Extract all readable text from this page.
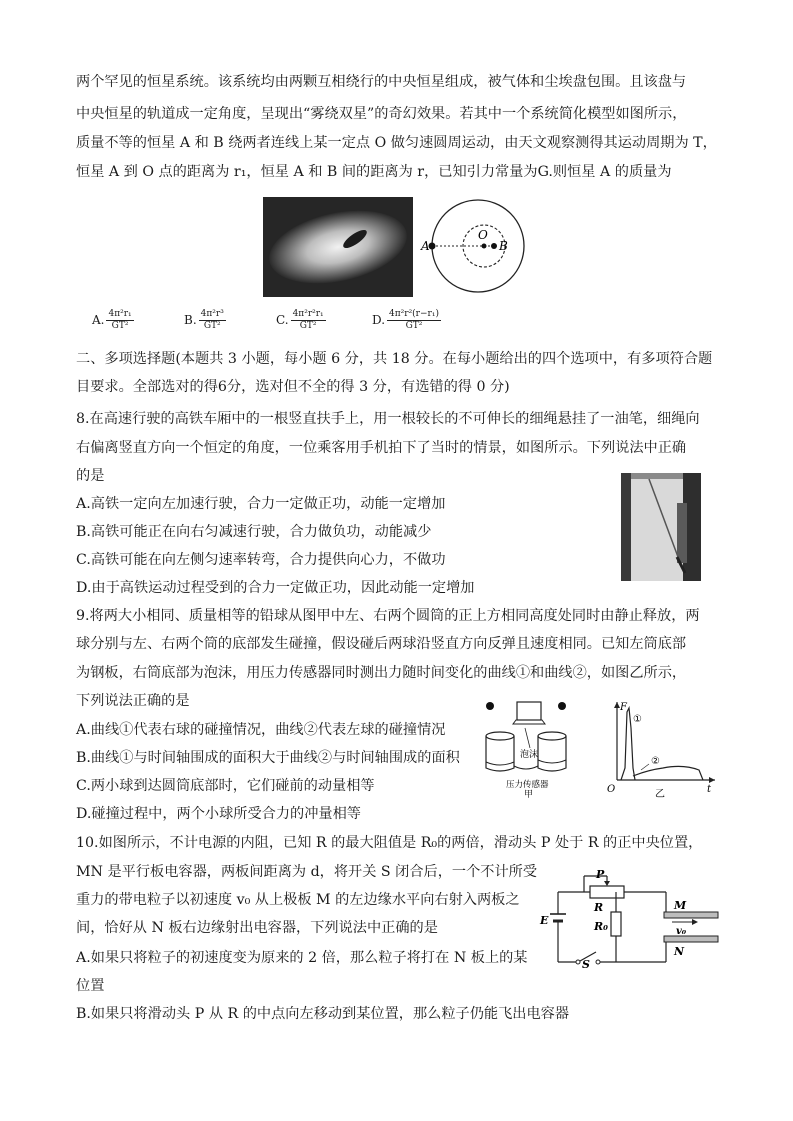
两个罕见的恒星系统。该系统均由两颗互相绕行的中央恒星组成，被气体和尘埃盘包围。且该盘与
中央恒星的轨道成一定角度，呈现出“雾绕双星”的奇幻效果。若其中一个系统简化模型如图所示，
质量不等的恒星 A 和 B 绕两者连线上某一定点 O 做匀速圆周运动，由天文观察测得其运动周期为 T，
恒星 A 到 O 点的距离为 r₁，恒星 A 和 B 间的距离为 r，已知引力常量为G.则恒星 A 的质量为
A
O
B
A. $\frac{\text{4π²r₁}}{\text{GT²}}$	B. $\frac{\text{4π²r³}}{\text{GT²}}$	C. $\frac{\text{4π²r²r₁}}{\text{GT²}}$	D. $\frac{\text{4π²r²(r−r₁)}}{\text{GT²}}$
二、多项选择题(本题共 3 小题，每小题 6 分，共 18 分。在每小题给出的四个选项中，有多项符合题
目要求。全部选对的得6分，选对但不全的得 3 分，有选错的得 0 分)
8.在高速行驶的高铁车厢中的一根竖直扶手上，用一根较长的不可伸长的细绳悬挂了一油笔，细绳向
右偏离竖直方向一个恒定的角度，一位乘客用手机拍下了当时的情景，如图所示。下列说法中正确
的是
A.高铁一定向左加速行驶，合力一定做正功，动能一定增加
B.高铁可能正在向右匀减速行驶，合力做负功，动能减少
C.高铁可能在向左侧匀速率转弯，合力提供向心力，不做功
D.由于高铁运动过程受到的合力一定做正功，因此动能一定增加
9.将两大小相同、质量相等的铅球从图甲中左、右两个圆筒的正上方相同高度处同时由静止释放，两
球分别与左、右两个筒的底部发生碰撞，假设碰后两球沿竖直方向反弹且速度相同。已知左筒底部
为钢板，右筒底部为泡沫，用压力传感器同时测出力随时间变化的曲线①和曲线②，如图乙所示，
下列说法正确的是
A.曲线①代表右球的碰撞情况，曲线②代表左球的碰撞情况
B.曲线①与时间轴围成的面积大于曲线②与时间轴围成的面积
C.两小球到达圆筒底部时，它们碰前的动量相等
D.碰撞过程中，两个小球所受合力的冲量相等
泡沫
压力传感器
甲
F
O	t
①
②
乙
10.如图所示，不计电源的内阻，已知 R 的最大阻值是 R₀的两倍，滑动头 P 处于 R 的正中央位置，
MN 是平行板电容器，两板间距离为 d，将开关 S 闭合后，一个不计所受
重力的带电粒子以初速度 v₀ 从上极板 M 的左边缘水平向右射入两板之
间，恰好从 N 板右边缘射出电容器，下列说法中正确的是
A.如果只将粒子的初速度变为原来的 2 倍，那么粒子将打在 N 板上的某
位置
B.如果只将滑动头 P 从 R 的中点向左移动到某位置，那么粒子仍能飞出电容器
P
R
R₀
E
S
M
N
v₀
